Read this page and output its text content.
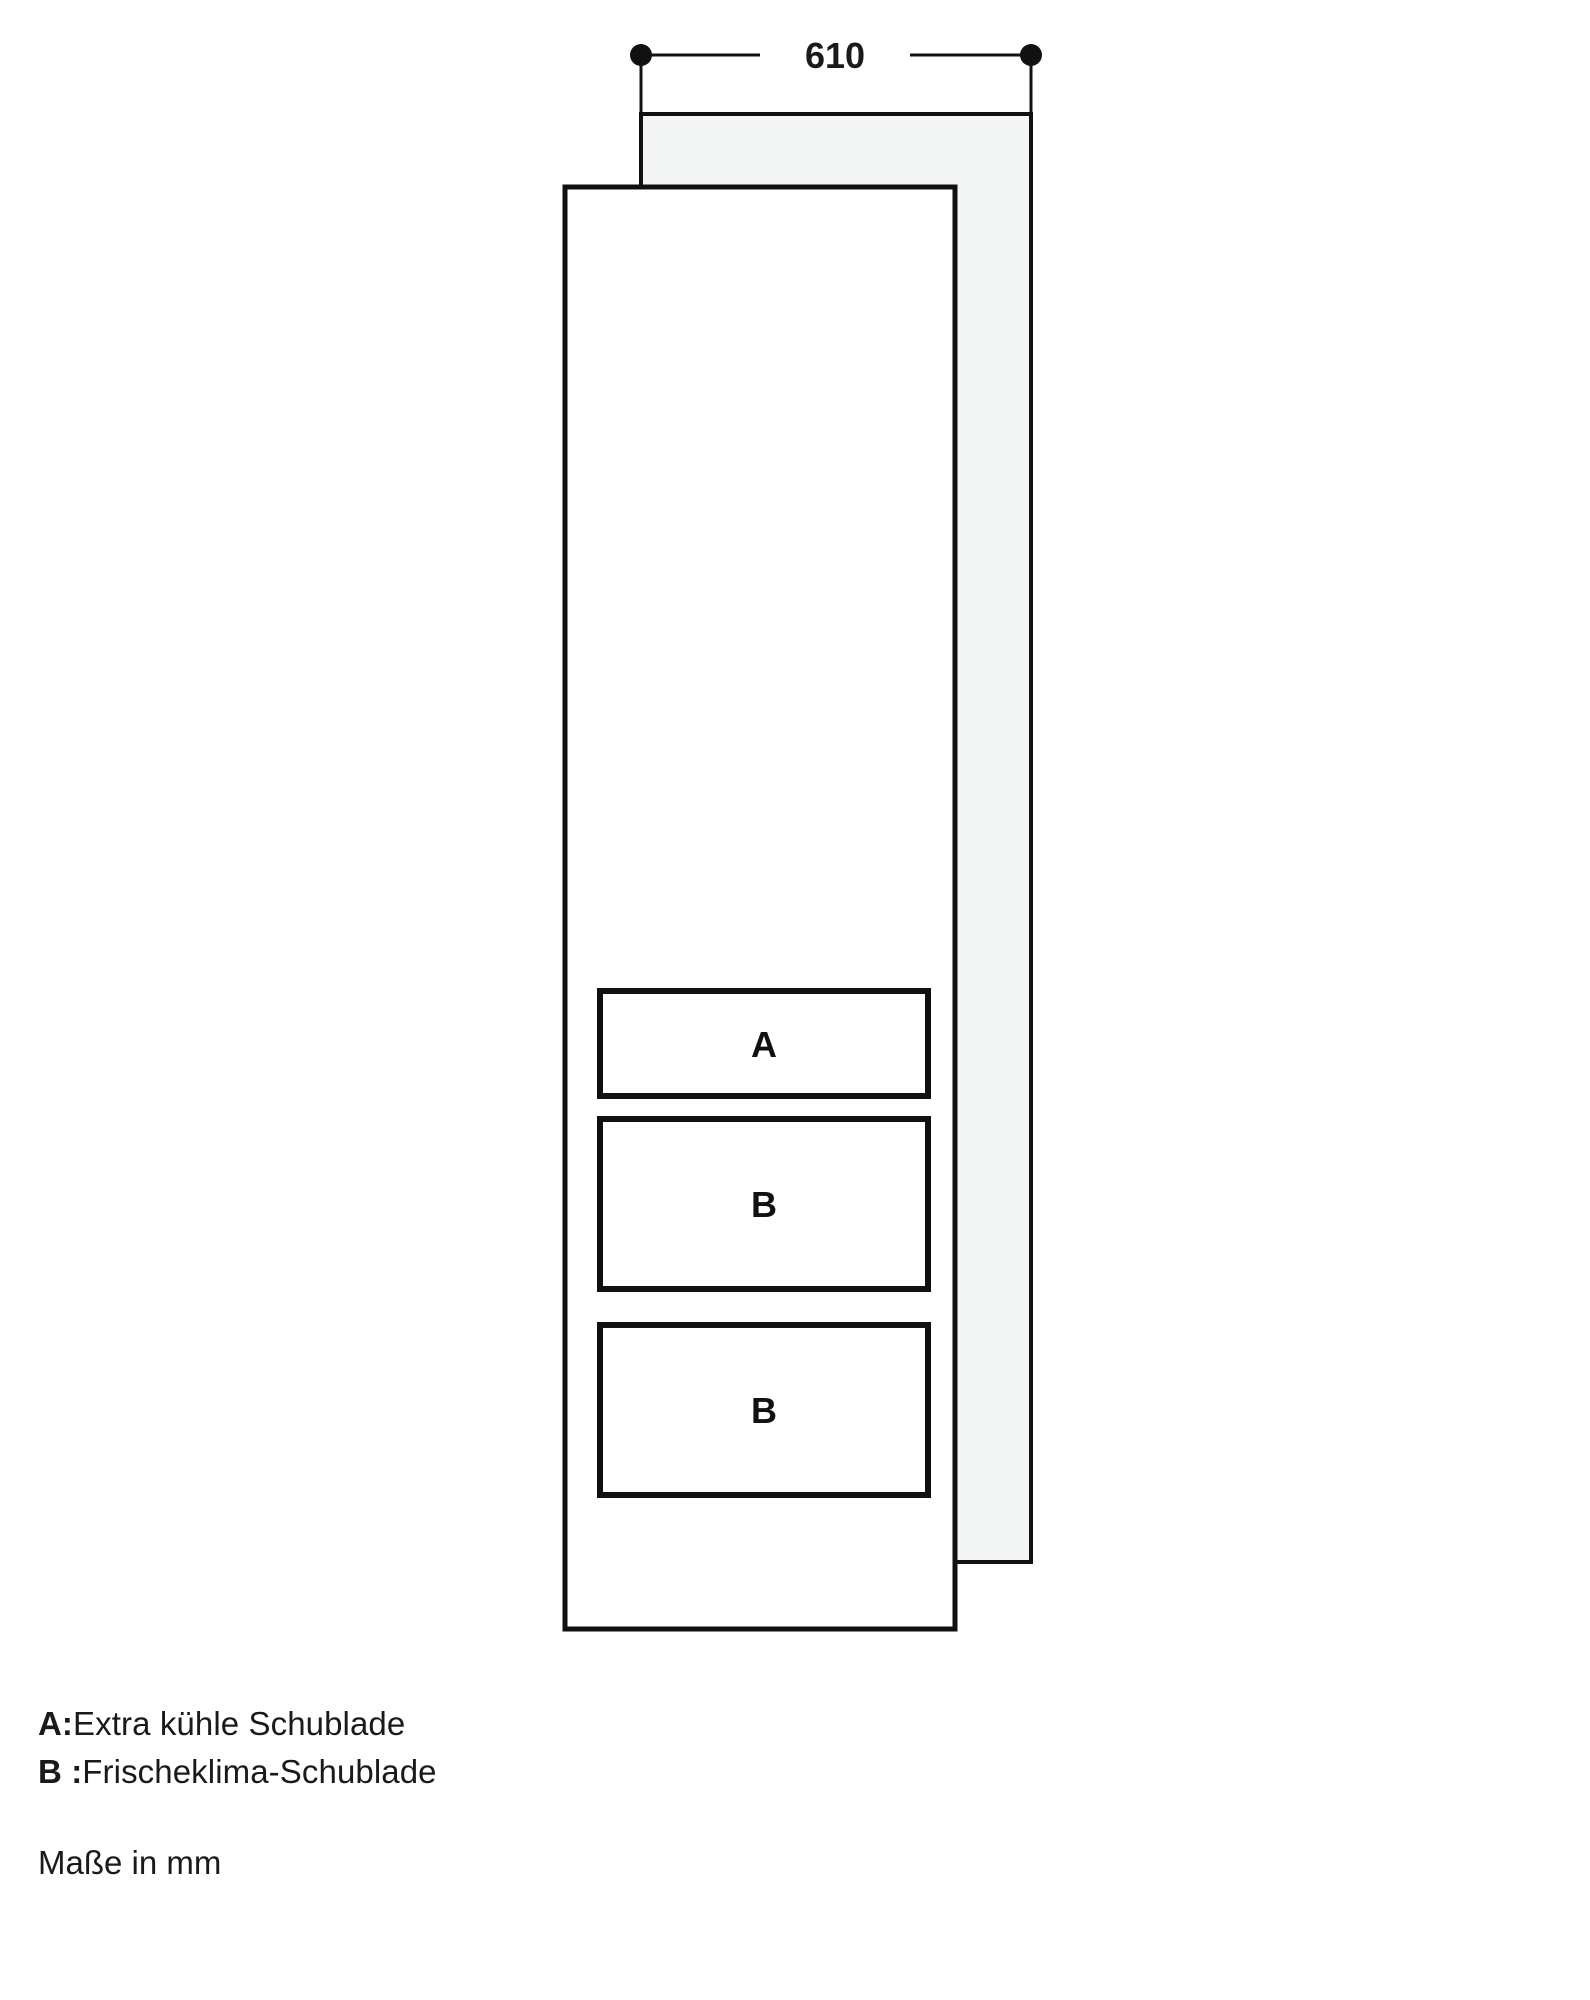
610
A
B
B
A: Extra kühle Schublade
B : Frischeklima-Schublade
Maße in mm
